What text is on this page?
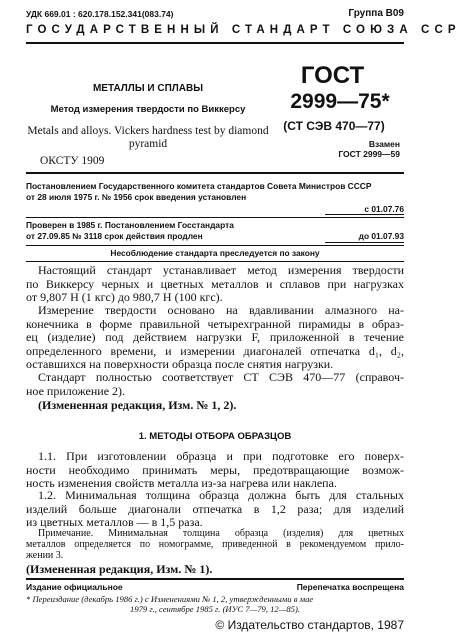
УДК 669.01 : 620.178.152.341(083.74)	Группа В09
ГОСУДАРСТВЕННЫЙ СТАНДАРТ СОЮЗА ССР
МЕТАЛЛЫ И СПЛАВЫ
Метод измерения твердости по Виккерсу
Metals and alloys. Vickers hardness test by diamond
pyramid
ОКСТУ 1909
ГОСТ
2999—75*
(СТ СЭВ 470—77)
Взамен
ГОСТ 2999—59
Постановлением Государственного комитета стандартов Совета Министров СССР
от 28 июля 1975 г. № 1956 срок введения установлен
с 01.07.76
Проверен в 1985 г. Постановлением Госстандарта
от 27.09.85 № 3118 срок действия продлен	до 01.07.93
Несоблюдение стандарта преследуется по закону
Настоящий стандарт устанавливает метод измерения твердости
по Виккерсу черных и цветных металлов и сплавов при нагрузках
от 9,807 Н (1 кгс) до 980,7 Н (100 кгс).
Измерение твердости основано на вдавливании алмазного на-
конечника в форме правильной четырехгранной пирамиды в образ-
ец (изделие) под действием нагрузки F, приложенной в течение
определенного времени, и измерении диагоналей отпечатка d₁, d₂,
оставшихся на поверхности образца после снятия нагрузки.
Стандарт полностью соответствует СТ СЭВ 470—77 (справоч-
ное приложение 2).
(Измененная редакция, Изм. № 1, 2).
1. МЕТОДЫ ОТБОРА ОБРАЗЦОВ
1.1. При изготовлении образца и при подготовке его поверх-
ности необходимо принимать меры, предотвращающие возмож-
ность изменения свойств металла из-за нагрева или наклепа.
1.2. Минимальная толщина образца должна быть для стальных
изделий больше диагонали отпечатка в 1,2 раза; для изделий
из цветных металлов — в 1,5 раза.
Примечание. Минимальная толщина образца (изделия) для цветных
металлов определяется по номограмме, приведенной в рекомендуемом прило-
жении 3.
(Измененная редакция, Изм. № 1).
Издание официальное	Перепечатка воспрещена
* Переиздание (декабрь 1986 г.) с Изменениями № 1, 2, утвержденными в мае
1979 г., сентябре 1985 г. (ИУС 7—79, 12—85).
© Издательство стандартов, 1987
